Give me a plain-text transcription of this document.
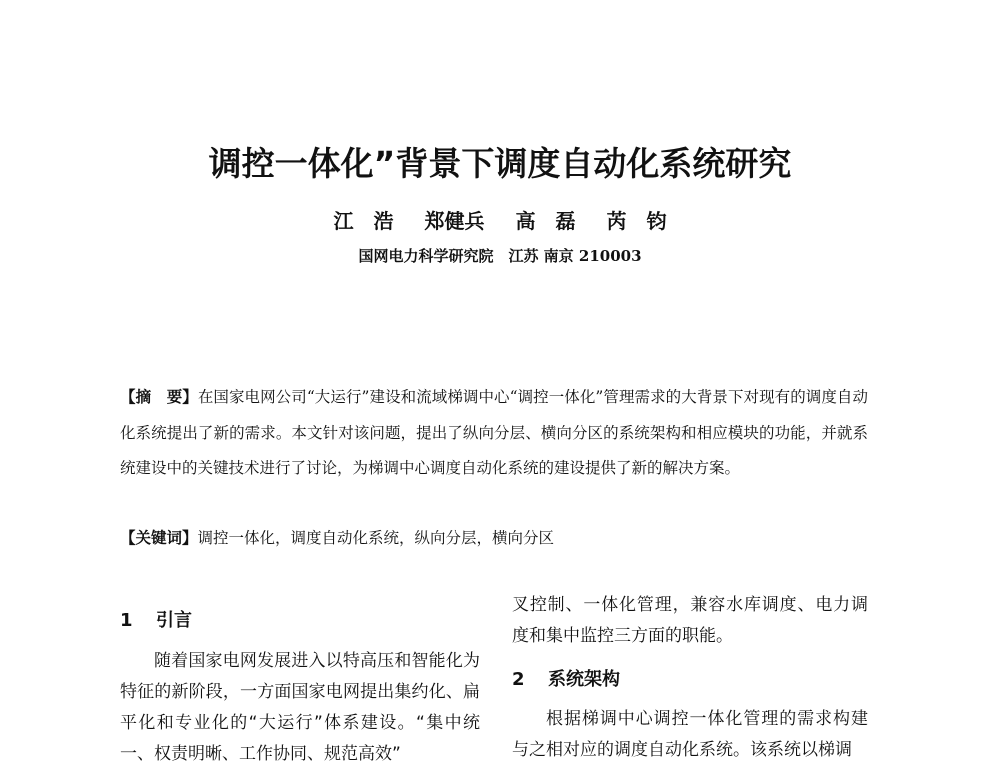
调控一体化”背景下调度自动化系统研究
江　浩 郑健兵 高　磊 芮　钧
国网电力科学研究院　江苏 南京 210003
【摘　要】在国家电网公司“大运行”建设和流域梯调中心“调控一体化”管理需求的大背景下对现有的调度自动化系统提出了新的需求。本文针对该问题，提出了纵向分层、横向分区的系统架构和相应模块的功能，并就系统建设中的关键技术进行了讨论，为梯调中心调度自动化系统的建设提供了新的解决方案。
【关键词】调控一体化，调度自动化系统，纵向分层，横向分区
1 引言

随着国家电网发展进入以特高压和智能化为特征的新阶段，一方面国家电网提出集约化、扁平化和专业化的“大运行”体系建设。“集中统一、权责明晰、工作协同、规范高效”

叉控制、一体化管理，兼容水库调度、电力调度和集中监控三方面的职能。

2 系统架构

根据梯调中心调控一体化管理的需求构建与之相对应的调度自动化系统。该系统以梯调
